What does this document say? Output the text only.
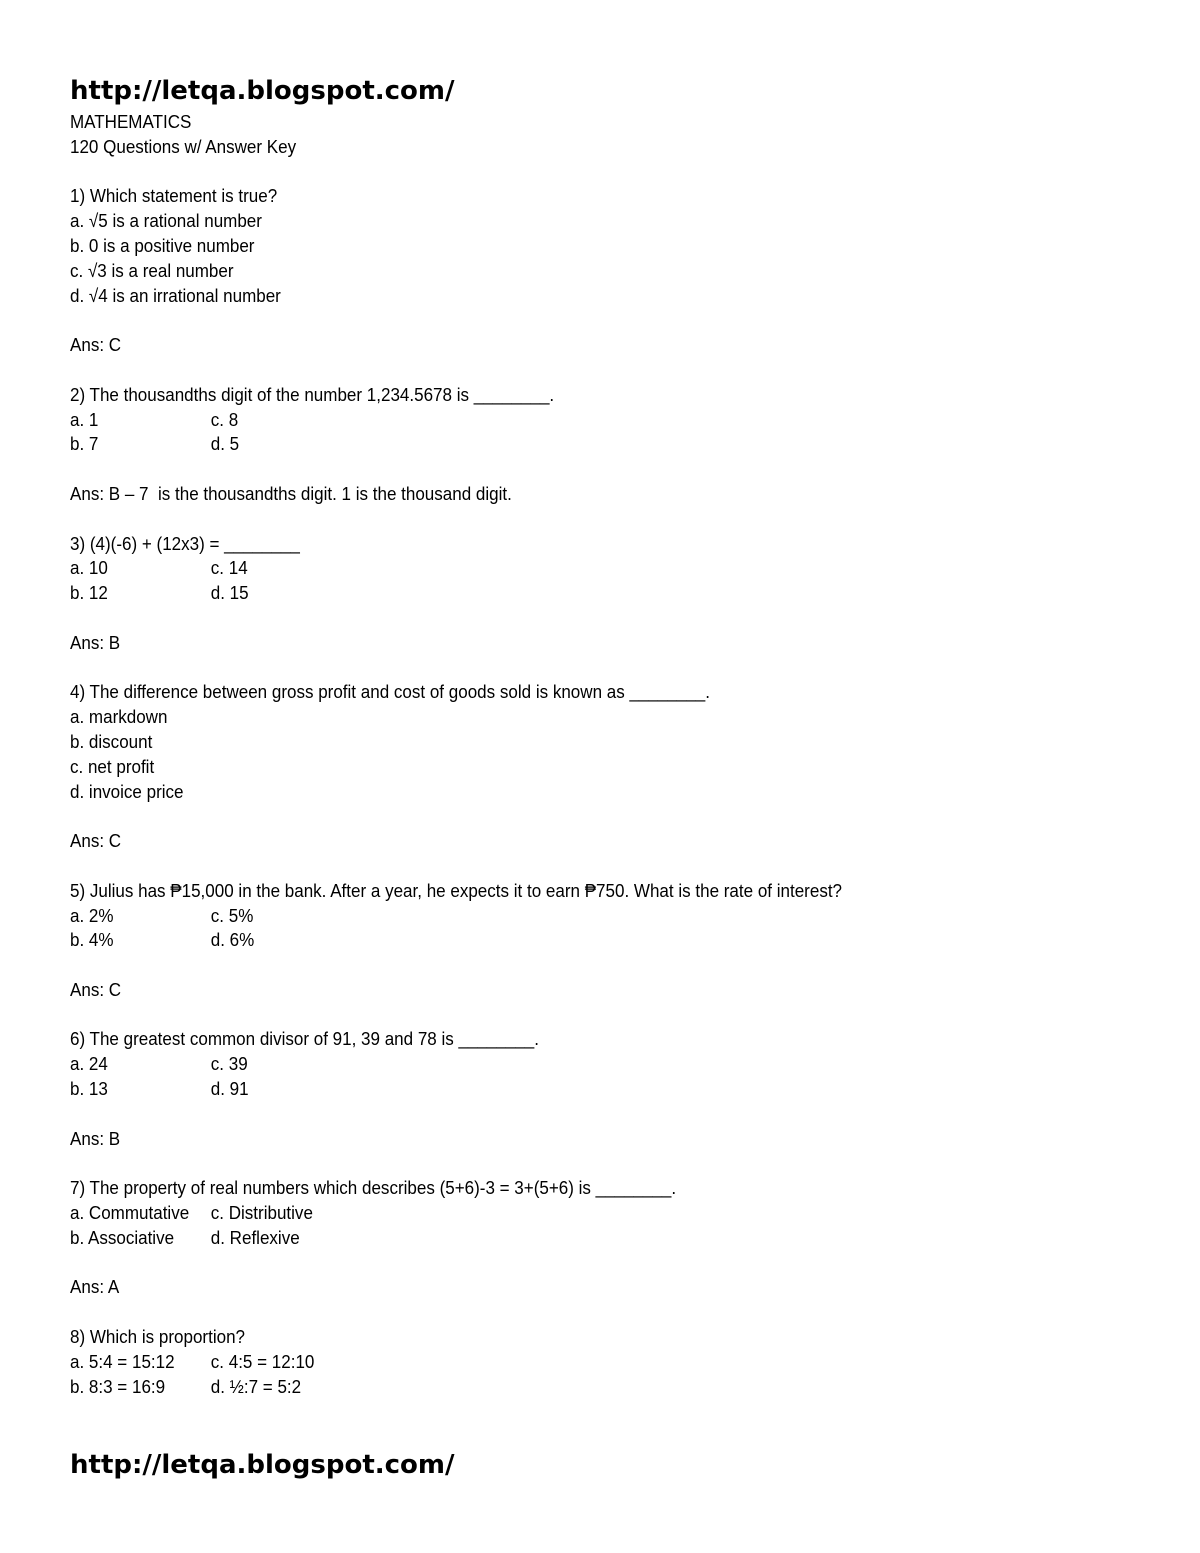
http://letqa.blogspot.com/
MATHEMATICS
120 Questions w/ Answer Key
1) Which statement is true?
a. √5 is a rational number
b. 0 is a positive number
c. √3 is a real number
d. √4 is an irrational number
Ans: C
2) The thousandths digit of the number 1,234.5678 is ________.
a. 1	c. 8
b. 7	d. 5
Ans: B – 7  is the thousandths digit. 1 is the thousand digit.
3) (4)(-6) + (12x3) = ________
a. 10	c. 14
b. 12	d. 15
Ans: B
4) The difference between gross profit and cost of goods sold is known as ________.
a. markdown
b. discount
c. net profit
d. invoice price
Ans: C
5) Julius has ₱15,000 in the bank. After a year, he expects it to earn ₱750. What is the rate of interest?
a. 2%	c. 5%
b. 4%	d. 6%
Ans: C
6) The greatest common divisor of 91, 39 and 78 is ________.
a. 24	c. 39
b. 13	d. 91
Ans: B
7) The property of real numbers which describes (5+6)-3 = 3+(5+6) is ________.
a. Commutative	c. Distributive
b. Associative	d. Reflexive
Ans: A
8) Which is proportion?
a. 5:4 = 15:12	c. 4:5 = 12:10
b. 8:3 = 16:9	d. ½:7 = 5:2
http://letqa.blogspot.com/
